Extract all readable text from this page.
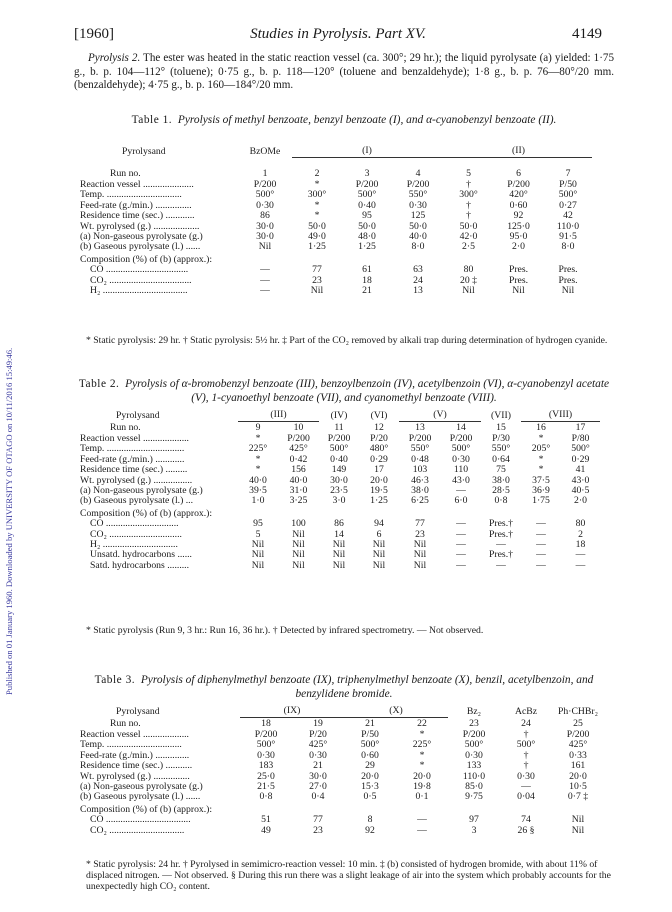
Published on 01 January 1960. Downloaded by UNIVERSITY OF OTAGO on 10/11/2016 15:49:46.
[1960]	Studies in Pyrolysis. Part XV.	4149

Pyrolysis 2. The ester was heated in the static reaction vessel (ca. 300°; 29 hr.); the liquid pyrolysate (a) yielded: 1·75 g., b. p. 104—112° (toluene); 0·75 g., b. p. 118—120° (toluene and benzaldehyde); 1·8 g., b. p. 76—80°/20 mm. (benzaldehyde); 4·75 g., b. p. 160—184°/20 mm.

Table 1. Pyrolysis of methyl benzoate, benzyl benzoate (I), and α-cyanobenzyl benzoate (II).
Pyrolysand	BzOMe		(I)			(II)	

Run no.	1	2	3	4	5	6	7
Reaction vessel .....................	P/200	*	P/200	P/200	†	P/200	P/50
Temp. ...............................	500°	300°	500°	550°	300°	420°	500°
Feed-rate (g./min.) ...............	0·30	*	0·40	0·30	†	0·60	0·27
Residence time (sec.) ............	86	*	95	125	†	92	42
Wt. pyrolysed (g.) ...................	30·0	50·0	50·0	50·0	50·0	125·0	110·0
(a) Non-gaseous pyrolysate (g.)	30·0	49·0	48·0	40·0	42·0	95·0	91·5
(b) Gaseous pyrolysate (l.) ......	Nil	1·25	1·25	8·0	2·5	2·0	8·0
Composition (%) of (b) (approx.):							
CO ..................................	—	77	61	63	80	Pres.	Pres.
CO₂ ..................................	—	23	18	24	20 ‡	Pres.	Pres.
H₂ ...................................	—	Nil	21	13	Nil	Nil	Nil
* Static pyrolysis: 29 hr. † Static pyrolysis: 5½ hr. ‡ Part of the CO₂ removed by alkali trap during determination of hydrogen cyanide.
Table 2. Pyrolysis of α-bromobenzyl benzoate (III), benzoylbenzoin (IV), acetylbenzoin (VI), α-cyanobenzyl acetate (V), 1-cyanoethyl benzoate (VII), and cyanomethyl benzoate (VIII).
Pyrolysand	(III)		(IV)	(VI)	(V)		(VII)	(VIII)	
Run no.	9	10	11	12	13	14	15	16	17
Reaction vessel ...................	*	P/200	P/200	P/20	P/200	P/200	P/30	*	P/80
Temp. ................................	225°	425°	500°	480°	550°	500°	550°	205°	500°
Feed-rate (g./min.) ............	*	0·42	0·40	0·29	0·48	0·30	0·64	*	0·29
Residence time (sec.) .........	*	156	149	17	103	110	75	*	41
Wt. pyrolysed (g.) ................	40·0	40·0	30·0	20·0	46·3	43·0	38·0	37·5	43·0
(a) Non-gaseous pyrolysate (g.)	39·5	31·0	23·5	19·5	38·0	—	28·5	36·9	40·5
(b) Gaseous pyrolysate (l.) ...	1·0	3·25	3·0	1·25	6·25	6·0	0·8	1·75	2·0
Composition (%) of (b) (approx.):									
CO ..............................	95	100	86	94	77	—	Pres.†	—	80
CO₂ ..............................	5	Nil	14	6	23	—	Pres.†	—	2
H₂ ...............................	Nil	Nil	Nil	Nil	Nil	—	—	—	18
Unsatd. hydrocarbons ......	Nil	Nil	Nil	Nil	Nil	—	Pres.†	—	—
Satd. hydrocarbons .........	Nil	Nil	Nil	Nil	Nil	—	—	—	—
* Static pyrolysis (Run 9, 3 hr.: Run 16, 36 hr.). † Detected by infrared spectrometry. — Not observed.
Table 3. Pyrolysis of diphenylmethyl benzoate (IX), triphenylmethyl benzoate (X), benzil, acetylbenzoin, and benzylidene bromide.
Pyrolysand	(IX)		(X)		Bz₂	AcBz	Ph·CHBr₂
Run no.	18	19	21	22	23	24	25
Reaction vessel ...................	P/200	P/20	P/50	*	P/200	†	P/200
Temp. ...............................	500°	425°	500°	225°	500°	500°	425°
Feed-rate (g./min.) ..............	0·30	0·30	0·60	*	0·30	†	0·33
Residence time (sec.) ...........	183	21	29	*	133	†	161
Wt. pyrolysed (g.) ...............	25·0	30·0	20·0	20·0	110·0	0·30	20·0
(a) Non-gaseous pyrolysate (g.)	21·5	27·0	15·3	19·8	85·0	—	10·5
(b) Gaseous pyrolysate (l.) ......	0·8	0·4	0·5	0·1	9·75	0·04	0·7 ‡
Composition (%) of (b) (approx.):							
CO ...................................	51	77	8	—	97	74	Nil
CO₂ ...............................	49	23	92	—	3	26 §	Nil
* Static pyrolysis: 24 hr. † Pyrolysed in semimicro-reaction vessel: 10 min. ‡ (b) consisted of hydrogen bromide, with about 11% of displaced nitrogen. — Not observed. § During this run there was a slight leakage of air into the system which probably accounts for the unexpectedly high CO₂ content.
